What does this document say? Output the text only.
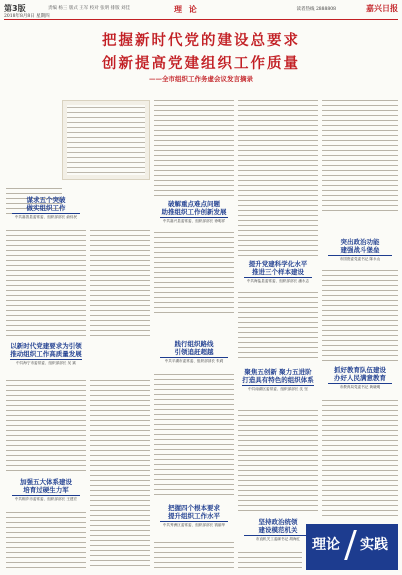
第3版
2018年8月8日 星期四
责编 杨三 版式 王军 校对 张明 排版 刘佳	理 论	读者热线 2888808	嘉兴日报
把握新时代党的建设总要求
创新提高党建组织工作质量
——全市组织工作务虚会议发言摘录
谋求五个突破
做实组织工作
中共嘉善县委常委、组织部部长 俞伟民
破解重点难点问题
助推组织工作创新发展
中共嘉兴县委常委、组织部部长 徐明祥
提升党建科学化水平
推进三个样本建设
中共海盐县委常委、组织部部长 潘永志
突出政治功能
建强战斗堡垒
市国资委党委书记 陈永山
以新时代党建要求为引领
推动组织工作高质量发展
中共海宁市委常委、组织部部长 吴 斌
践行组织路线
引领追赶超越
中共平湖市委常委、组织部部长 朱莉
聚焦五创新 聚力五进阶
打造具有特色的组织体系
中共南湖区委常委、组织部部长 沈 坚
抓好教育队伍建设
办好人民满意教育
市教育局党委书记 黄晓明
加强五大体系建设
培育过硬生力军
中共桐乡市委常委、组织部部长 王建宏
把握四个根本要求
提升组织工作水平
中共秀洲区委常委、组织部部长 钱丽华	坚持政治统领
建设模范机关
市直机关工委副书记 胡海红 理论 实践
